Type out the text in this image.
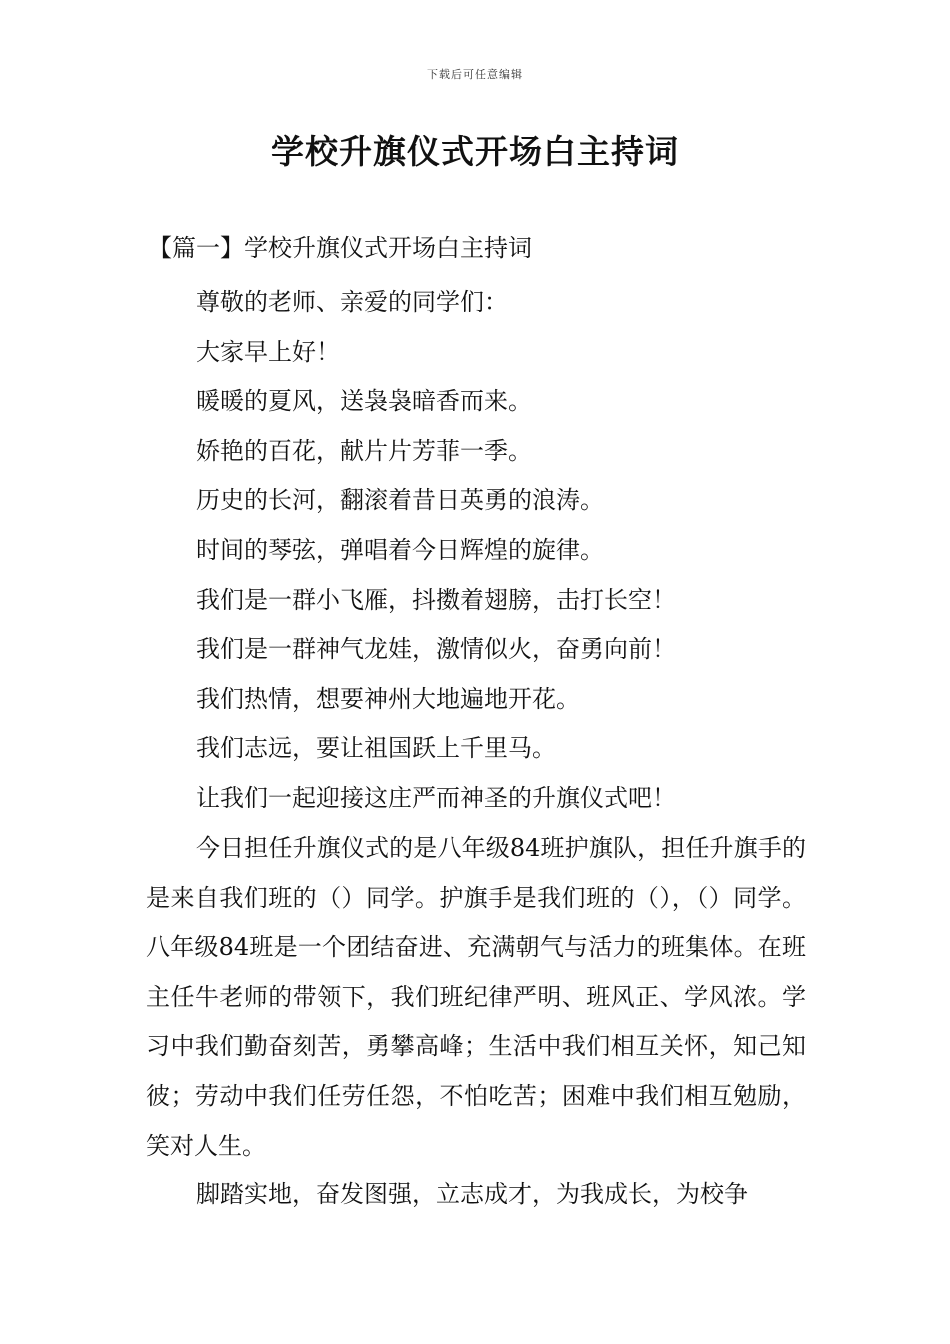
下载后可任意编辑
学校升旗仪式开场白主持词
【篇一】学校升旗仪式开场白主持词
尊敬的老师、亲爱的同学们：
大家早上好！
暖暖的夏风，送袅袅暗香而来。
娇艳的百花，献片片芳菲一季。
历史的长河，翻滚着昔日英勇的浪涛。
时间的琴弦，弹唱着今日辉煌的旋律。
我们是一群小飞雁，抖擞着翅膀，击打长空！
我们是一群神气龙娃，激情似火，奋勇向前！
我们热情，想要神州大地遍地开花。
我们志远，要让祖国跃上千里马。
让我们一起迎接这庄严而神圣的升旗仪式吧！

今日担任升旗仪式的是八年级84班护旗队，担任升旗手的是来自我们班的（）同学。护旗手是我们班的（），（）同学。八年级84班是一个团结奋进、充满朝气与活力的班集体。在班主任牛老师的带领下，我们班纪律严明、班风正、学风浓。学习中我们勤奋刻苦，勇攀高峰；生活中我们相互关怀，知己知彼；劳动中我们任劳任怨，不怕吃苦；困难中我们相互勉励，笑对人生。

脚踏实地，奋发图强，立志成才，为我成长，为校争
